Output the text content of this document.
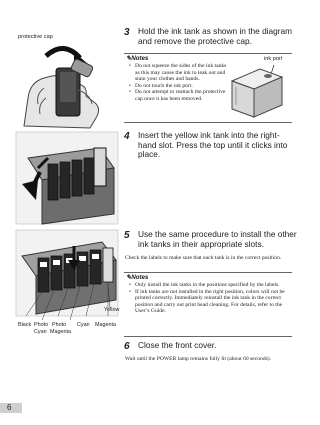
protective cap	3 Hold the ink tank as shown in the diagram and remove the protective cap.
✎Notes	ink port
• Do not squeeze the sides of the ink tanks as this may cause the ink to leak out and stain your clothes and hands.
• Do not touch the ink port.
• Do not attempt to reattach the protective cap once it has been removed.
4 Insert the yellow ink tank into the right-hand slot. Press the top until it clicks into place.
Yellow
Black Photo Photo Cyan Magenta
Cyan Magenta
5 Use the same procedure to install the other ink tanks in their appropriate slots.
Check the labels to make sure that each tank is in the correct position.
✎Notes
• Only install the ink tanks in the positions specified by the labels.
• If ink tanks are not installed in the right position, colors will not be printed correctly. Immediately reinstall the ink tank in the correct position and carry out print head cleaning. For details, refer to the User’s Guide.
6 Close the front cover.
Wait until the POWER lamp remains fully lit (about 60 seconds).
6
